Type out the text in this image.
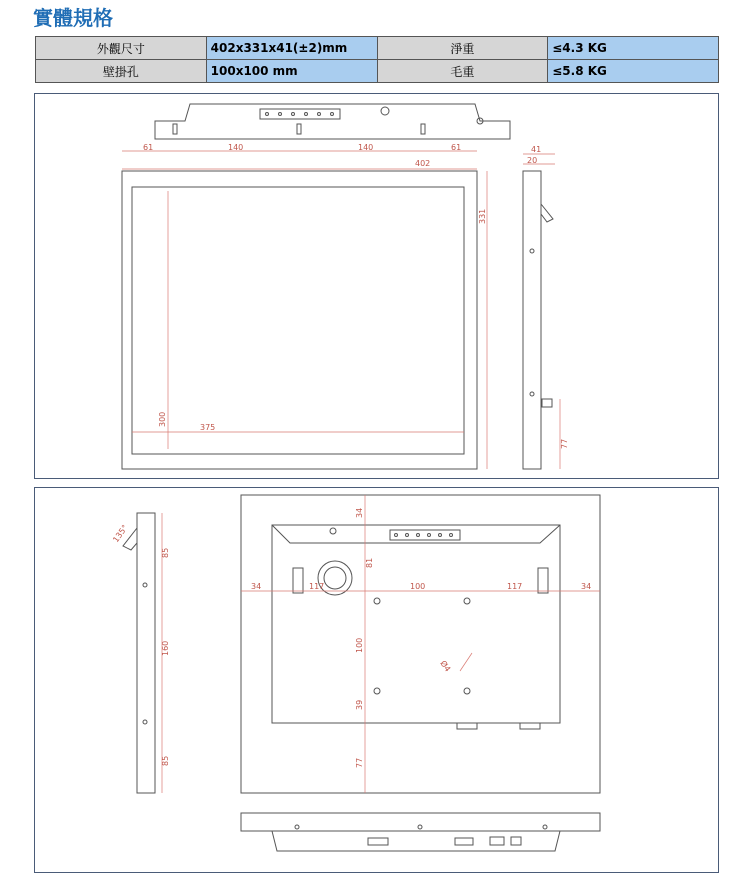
實體規格
外觀尺寸	402x331x41(±2)mm	淨重	≤4.3 KG
壁掛孔	100x100 mm	毛重	≤5.8 KG
61	140	140	61
402
331
375
300
41
20
77
135°
85
160
85
34
81
34	117	100	117	34
100
39
77
Ø4
